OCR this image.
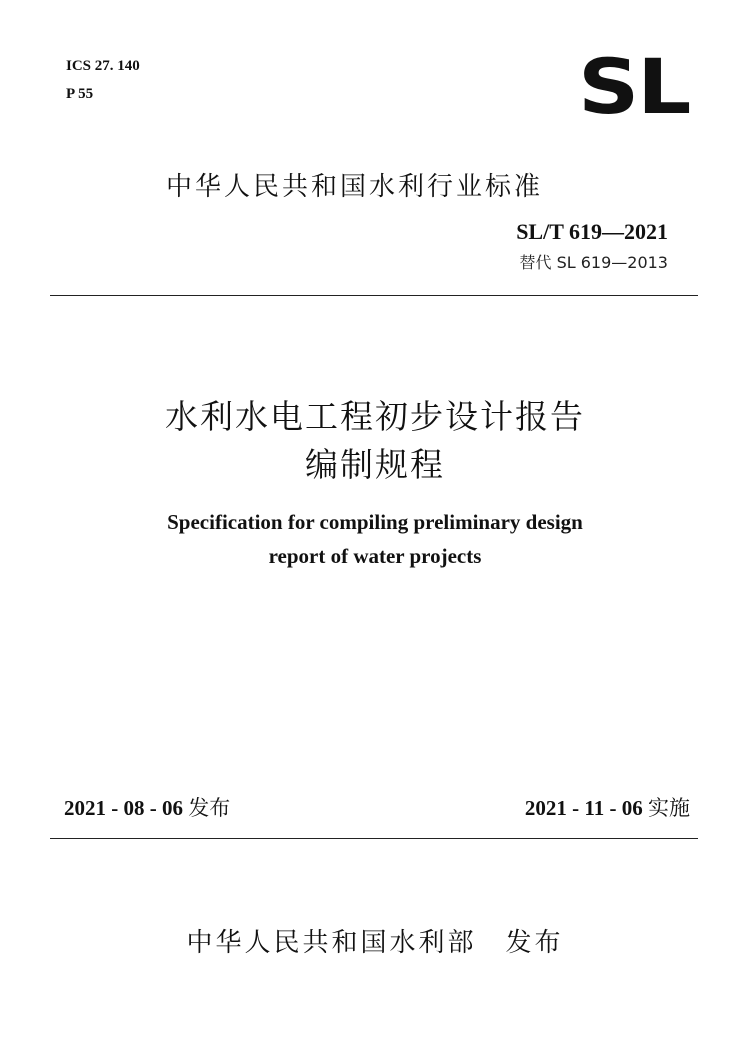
ICS 27. 140
P 55	SL
中华人民共和国水利行业标准
SL/T 619—2021
替代 SL 619—2013
水利水电工程初步设计报告
编制规程
Specification for compiling preliminary design
report of water projects
2021 - 08 - 06 发布	2021 - 11 - 06 实施
中华人民共和国水利部　发布
